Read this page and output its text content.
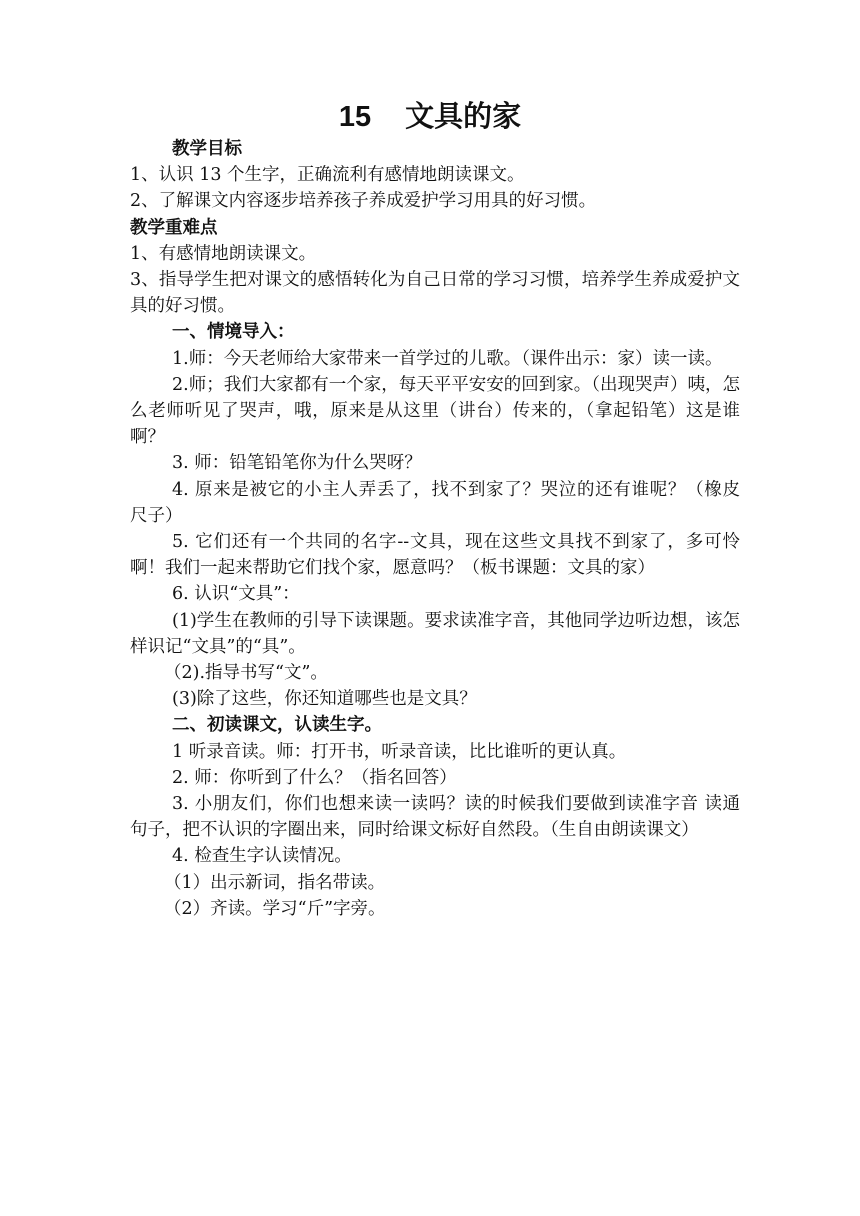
15 文具的家

教学目标

1、认识 13 个生字，正确流利有感情地朗读课文。

2、了解课文内容逐步培养孩子养成爱护学习用具的好习惯。

教学重难点

1、有感情地朗读课文。

3、指导学生把对课文的感悟转化为自己日常的学习习惯，培养学生养成爱护文具的好习惯。

一、情境导入：

1.师：今天老师给大家带来一首学过的儿歌。（课件出示：家）读一读。

2.师；我们大家都有一个家，每天平平安安的回到家。（出现哭声）咦，怎么老师听见了哭声，哦，原来是从这里（讲台）传来的，（拿起铅笔）这是谁啊？

3. 师：铅笔铅笔你为什么哭呀？

4. 原来是被它的小主人弄丢了，找不到家了？哭泣的还有谁呢？（橡皮 尺子）

5. 它们还有一个共同的名字--文具，现在这些文具找不到家了，多可怜啊！我们一起来帮助它们找个家，愿意吗？（板书课题：文具的家）

6. 认识“文具”：

(1)学生在教师的引导下读课题。要求读准字音，其他同学边听边想，该怎样识记“文具”的“具”。

（2).指导书写“文”。

(3)除了这些，你还知道哪些也是文具？

二、初读课文，认读生字。

1 听录音读。师：打开书，听录音读，比比谁听的更认真。

2. 师：你听到了什么？（指名回答）

3. 小朋友们，你们也想来读一读吗？读的时候我们要做到读准字音 读通句子，把不认识的字圈出来，同时给课文标好自然段。（生自由朗读课文）

4. 检查生字认读情况。

（1）出示新词，指名带读。

（2）齐读。学习“斤”字旁。
